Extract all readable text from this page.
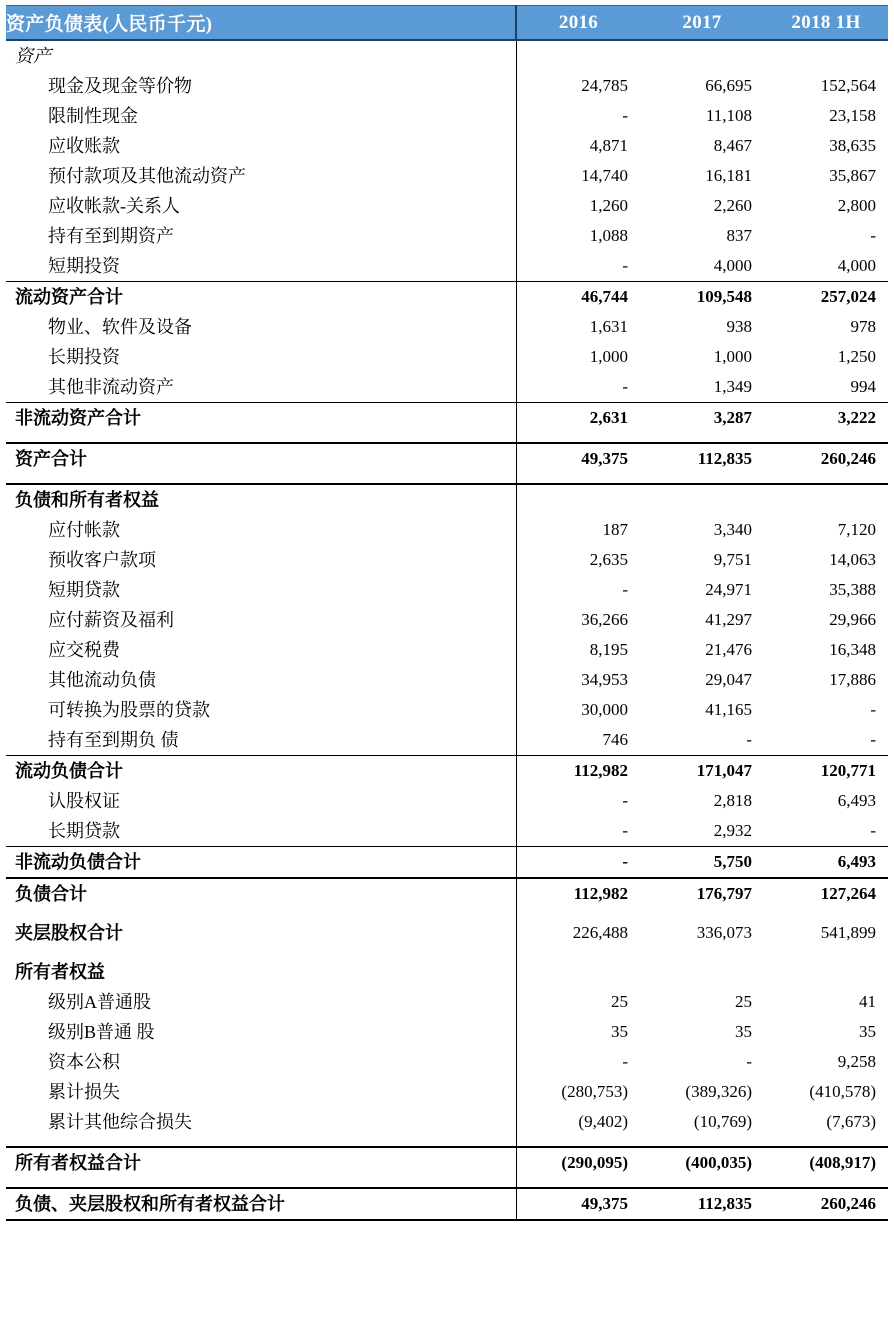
资产负债表(人民币千元)	2016	2017	2018 1H
资产			
现金及现金等价物	24,785	66,695	152,564
限制性现金	-	11,108	23,158
应收账款	4,871	8,467	38,635
预付款项及其他流动资产	14,740	16,181	35,867
应收帐款-关系人	1,260	2,260	2,800
持有至到期资产	1,088	837	-
短期投资	-	4,000	4,000
流动资产合计	46,744	109,548	257,024
物业、软件及设备	1,631	938	978
长期投资	1,000	1,000	1,250
其他非流动资产	-	1,349	994
非流动资产合计	2,631	3,287	3,222

资产合计	49,375	112,835	260,246

负债和所有者权益			
应付帐款	187	3,340	7,120
预收客户款项	2,635	9,751	14,063
短期贷款	-	24,971	35,388
应付薪资及福利	36,266	41,297	29,966
应交税费	8,195	21,476	16,348
其他流动负债	34,953	29,047	17,886
可转换为股票的贷款	30,000	41,165	-
持有至到期负 债	746	-	-
流动负债合计	112,982	171,047	120,771
认股权证	-	2,818	6,493
长期贷款	-	2,932	-
非流动负债合计	-	5,750	6,493
负债合计	112,982	176,797	127,264

夹层股权合计	226,488	336,073	541,899

所有者权益			
级别A普通股	25	25	41
级别B普通 股	35	35	35
资本公积	-	-	9,258
累计损失	(280,753)	(389,326)	(410,578)
累计其他综合损失	(9,402)	(10,769)	(7,673)

所有者权益合计	(290,095)	(400,035)	(408,917)

负债、夹层股权和所有者权益合计	49,375	112,835	260,246
